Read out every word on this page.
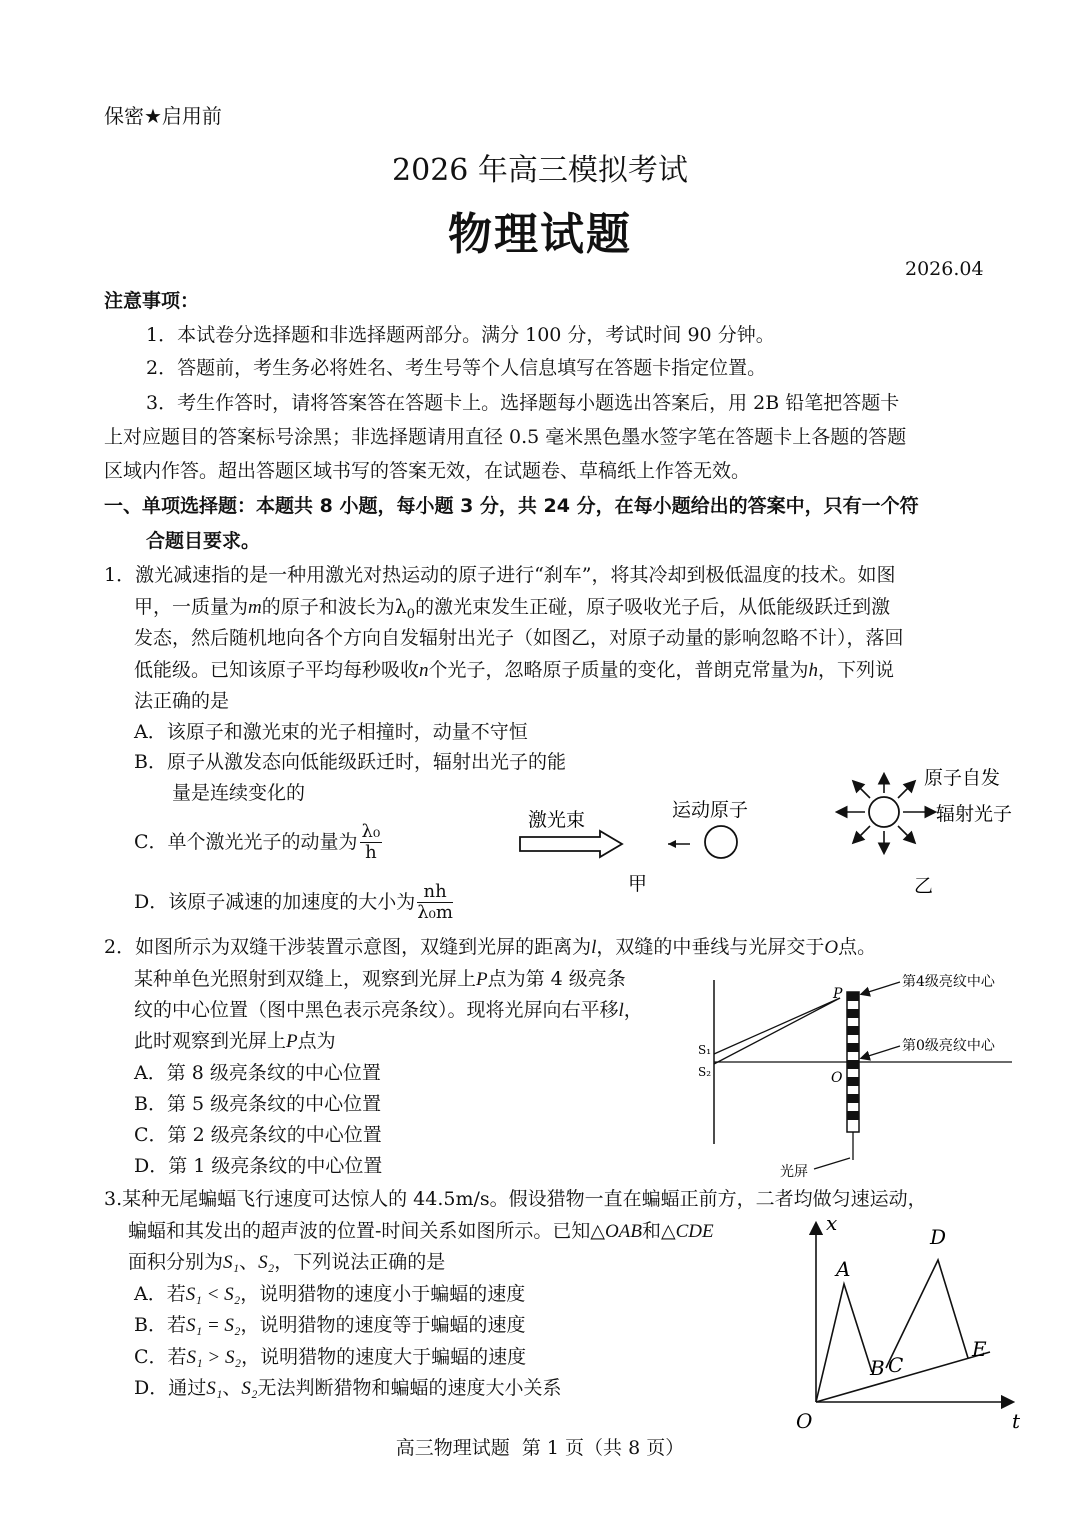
保密★启用前
2026 年高三模拟考试
物理试题
2026.04
注意事项：
1．本试卷分选择题和非选择题两部分。满分 100 分，考试时间 90 分钟。
2．答题前，考生务必将姓名、考生号等个人信息填写在答题卡指定位置。
3．考生作答时，请将答案答在答题卡上。选择题每小题选出答案后，用 2B 铅笔把答题卡
上对应题目的答案标号涂黑；非选择题请用直径 0.5 毫米黑色墨水签字笔在答题卡上各题的答题
区域内作答。超出答题区域书写的答案无效，在试题卷、草稿纸上作答无效。
一、单项选择题：本题共 8 小题，每小题 3 分，共 24 分，在每小题给出的答案中，只有一个符
合题目要求。
1．激光减速指的是一种用激光对热运动的原子进行“刹车”，将其冷却到极低温度的技术。如图
甲，一质量为m的原子和波长为$\lambda_0$的激光束发生正碰，原子吸收光子后，从低能级跃迁到激
发态，然后随机地向各个方向自发辐射出光子（如图乙，对原子动量的影响忽略不计），落回
低能级。已知该原子平均每秒吸收n个光子，忽略原子质量的变化，普朗克常量为h，下列说
法正确的是
A．该原子和激光束的光子相撞时，动量不守恒
B．原子从激发态向低能级跃迁时，辐射出光子的能
量是连续变化的
C．单个激光光子的动量为 $\frac{\text{λ₀}}{h}$
D．该原子减速的加速度的大小为 $\frac{nh}{\text{λ₀m}}$
激光束	运动原子
甲
原子自发
辐射光子
乙
2．如图所示为双缝干涉装置示意图，双缝到光屏的距离为l，双缝的中垂线与光屏交于O点。
某种单色光照射到双缝上，观察到光屏上P点为第 4 级亮条
纹的中心位置（图中黑色表示亮条纹）。现将光屏向右平移l，
此时观察到光屏上P点为
A．第 8 级亮条纹的中心位置
B．第 5 级亮条纹的中心位置
C．第 2 级亮条纹的中心位置
D．第 1 级亮条纹的中心位置
P
O
S₁
S₂
第4级亮纹中心
第0级亮纹中心
光屏
3.某种无尾蝙蝠飞行速度可达惊人的 44.5m/s。假设猎物一直在蝙蝠正前方，二者均做匀速运动，
蝙蝠和其发出的超声波的位置-时间关系如图所示。已知△OAB和△CDE
面积分别为S₁、S₂，下列说法正确的是
A．若S₁ < S₂，说明猎物的速度小于蝙蝠的速度
B．若S₁ = S₂，说明猎物的速度等于蝙蝠的速度
C．若S₁ > S₂，说明猎物的速度大于蝙蝠的速度
D．通过S₁、S₂无法判断猎物和蝙蝠的速度大小关系
x
t
O
A
B C
D
E
高三物理试题  第 1 页（共 8 页）
